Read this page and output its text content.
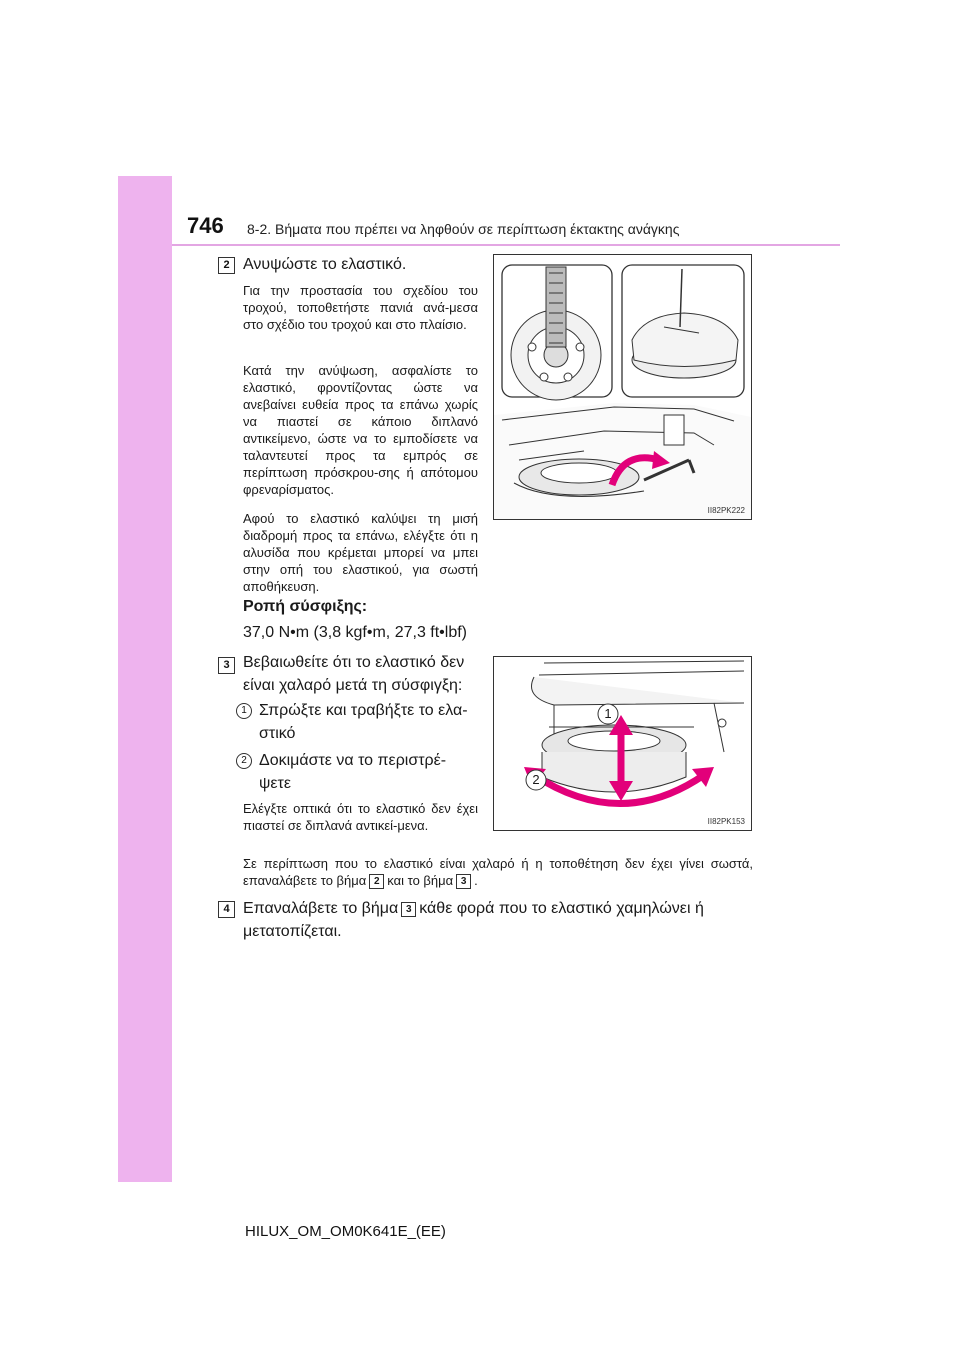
746 8-2. Βήματα που πρέπει να ληφθούν σε περίπτωση έκτακτης ανάγκης
2 Ανυψώστε το ελαστικό.

Για την προστασία του σχεδίου του τροχού, τοποθετήστε πανιά ανά-μεσα στο σχέδιο του τροχού και στο πλαίσιο.

Κατά την ανύψωση, ασφαλίστε το ελαστικό, φροντίζοντας ώστε να ανεβαίνει ευθεία προς τα επάνω χωρίς να πιαστεί σε κάποιο διπλανό αντικείμενο, ώστε να το εμποδίσετε να ταλαντευτεί προς τα εμπρός σε περίπτωση πρόσκρου-σης ή απότομου φρεναρίσματος.

Αφού το ελαστικό καλύψει τη μισή διαδρομή προς τα επάνω, ελέγξτε ότι η αλυσίδα που κρέμεται μπορεί να μπει στην οπή του ελαστικού, για σωστή αποθήκευση.

Ροπή σύσφιξης:

37,0 N•m (3,8 kgf•m, 27,3 ft•lbf)

II82PK222
3 Βεβαιωθείτε ότι το ελαστικό δεν

είναι χαλαρό μετά τη σύσφιγξη:

1 Σπρώξτε και τραβήξτε το ελα-

στικό

2 Δοκιμάστε να το περιστρέ-

ψετε

Ελέγξτε οπτικά ότι το ελαστικό δεν έχει πιαστεί σε διπλανά αντικεί-μενα.

1
2
II82PK153

Σε περίπτωση που το ελαστικό είναι χαλαρό ή η τοποθέτηση δεν έχει γίνει σωστά, επαναλάβετε το βήμα 2 και το βήμα 3 .

4 Επαναλάβετε το βήμα 3 κάθε φορά που το ελαστικό χαμηλώνει ή

μετατοπίζεται.

HILUX_OM_OM0K641E_(EE)
